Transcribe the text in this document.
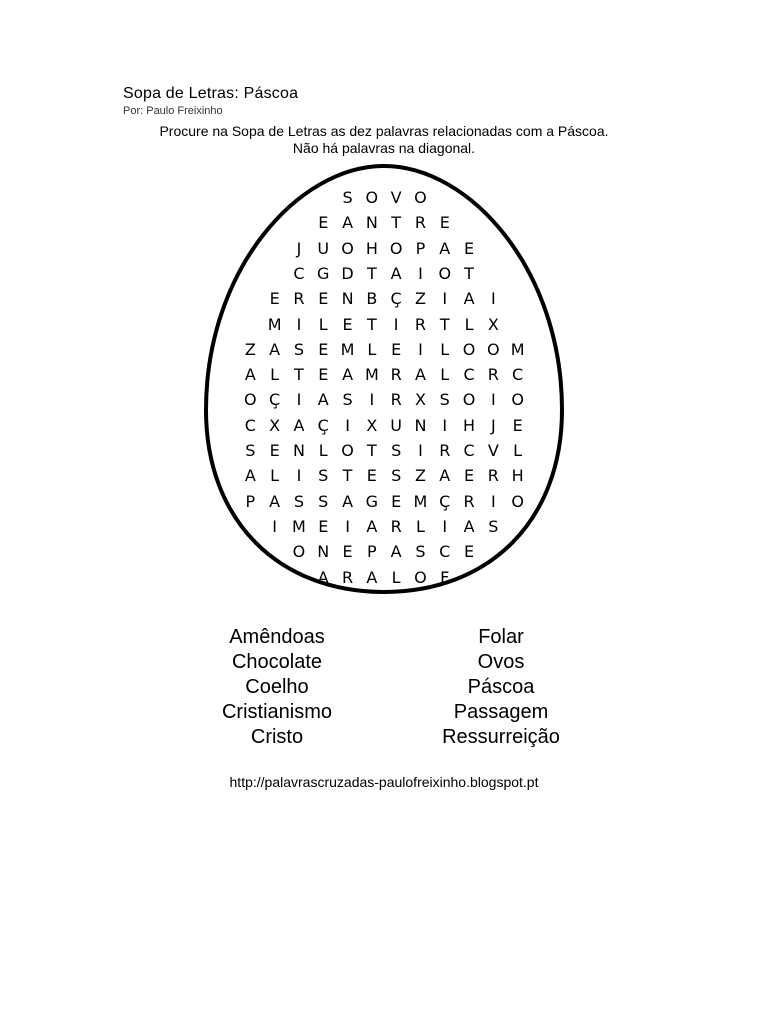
Sopa de Letras: Páscoa
Por: Paulo Freixinho
Procure na Sopa de Letras as dez palavras relacionadas com a Páscoa.
Não há palavras na diagonal.
S O V O
E A N T R E
J	U O H O P A E
C G D T A	I O T
E R E N B Ç Z	I	A	I
M I	L E T	I	R T L X
Z A S E M L E	I	L O O M
A L T E A M R A L C R C
O Ç	I	A S	I	R X S O I O
C X A Ç	I	X U N I H J	E
S E N L O T S	I	R C V L
A L	I	S T E S Z A E R H
P A S S A G E M Ç R	I O
I M E	I	A R L	I	A S
O N E P A S C E
A R A L O F
Amêndoas
Chocolate
Coelho
Cristianismo
Cristo
Folar
Ovos
Páscoa
Passagem
Ressurreição
http://palavrascruzadas-paulofreixinho.blogspot.pt
